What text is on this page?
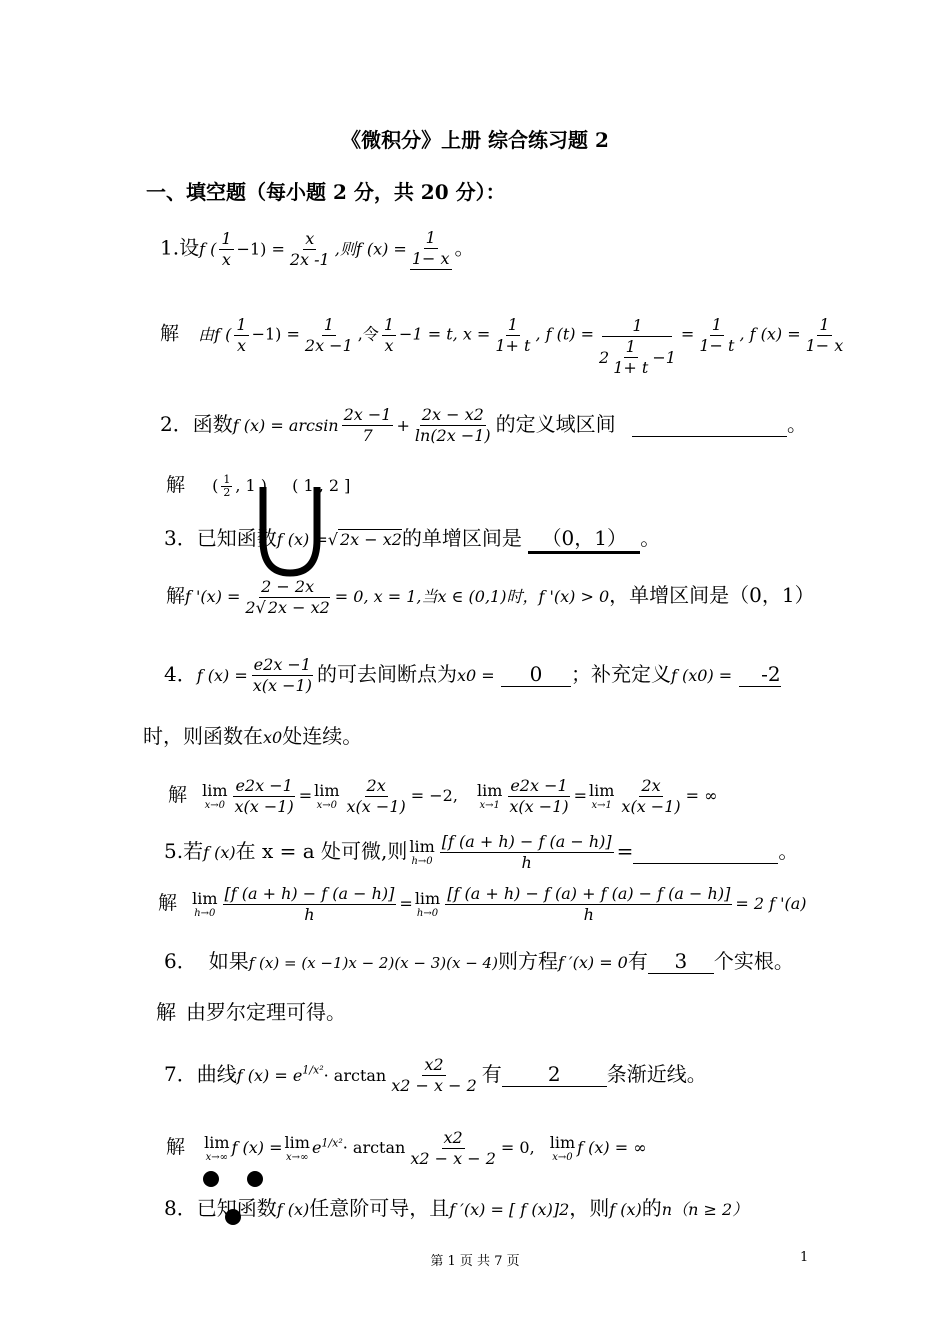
《微积分》上册 综合练习题 2
一、填空题（每小题 2 分，共 20 分）：
1.设f ( $\frac{1}{x} -1) = \frac{x}{2x -1}$ ,则f $(x) = \frac{1}{1- x}$ 。
解 由f ( $\frac{1}{x} -1) = \frac{1}{2x -1}$ ,令 $\frac{1}{x} -1 = t$, $x = \frac{1}{1+ t}$ , f $(t) = \frac{1}{2 \frac{1}{1+ t} -1} = \frac{1}{1- t}$ , f $(x) = \frac{1}{1- x}$
2．函数f $(x) = \arcsin \frac{2x -1}{7} + \frac{2x - x2}{\ln(2x -1)}$ 的定义域区间	。
解 ( $\frac{1}{2}$ , 1 ) ( 1 , 2 ]
3．已知函数f (x) =√ 2x − x2的单增区间是 （0，1） 。
解f '$(x) = \frac{2 - 2x}{2√ 2x - x2} = 0$, x = 1,当x ∈ (0,1)时，f '(x) > 0，单增区间是（0，1）
4．f $(x) = \frac{e2x -1}{x(x -1)}$ 的可去间断点为x0 = 0 ；补充定义f (x0) = -2
时，则函数在x0处连续。
解 lim
$x\to 0 \frac{e2x -1}{x(x -1)} = \lim$
$x\to 0 \frac{2x}{x(x -1)} = -2$, lim
$x\to 1 \frac{e2x -1}{x(x -1)} = \lim$
$x\to 1 \frac{2x}{x(x -1)}$ = ∞
5.若f (x)在 x = a 处可微,则 lim
$h\to 0 \frac{[f (a + h) - f (a - h)]}{h}$ =	。
解 lim
$h\to 0 \frac{[f (a + h) - f (a - h)]}{h} = \lim$
$h\to 0 \frac{[f (a + h) - f (a) + f (a) - f (a - h)]}{h} = 2$ f '(a)
6． 如果f (x) = (x −1)x − 2)(x − 3)(x − 4)则方程f ′(x) = 0有 3 个实根。
解 由罗尔定理可得。
7．曲线f $(x) = e^{1/x^2}\cdot \arctan \frac{x2}{x2 - x - 2}$ 有 2 条渐近线。
解 lim
x→∞ f (x) = lim
x→∞ $e^{1/x^2}\cdot \arctan \frac{x2}{x2 - x - 2} = 0$, lim
x→0 f (x) = ∞
8．已知函数f (x)任意阶可导，且f ′(x) = [ f (x)]2，则f (x)的n（n ≥ 2）
第 1 页 共 7 页	1
